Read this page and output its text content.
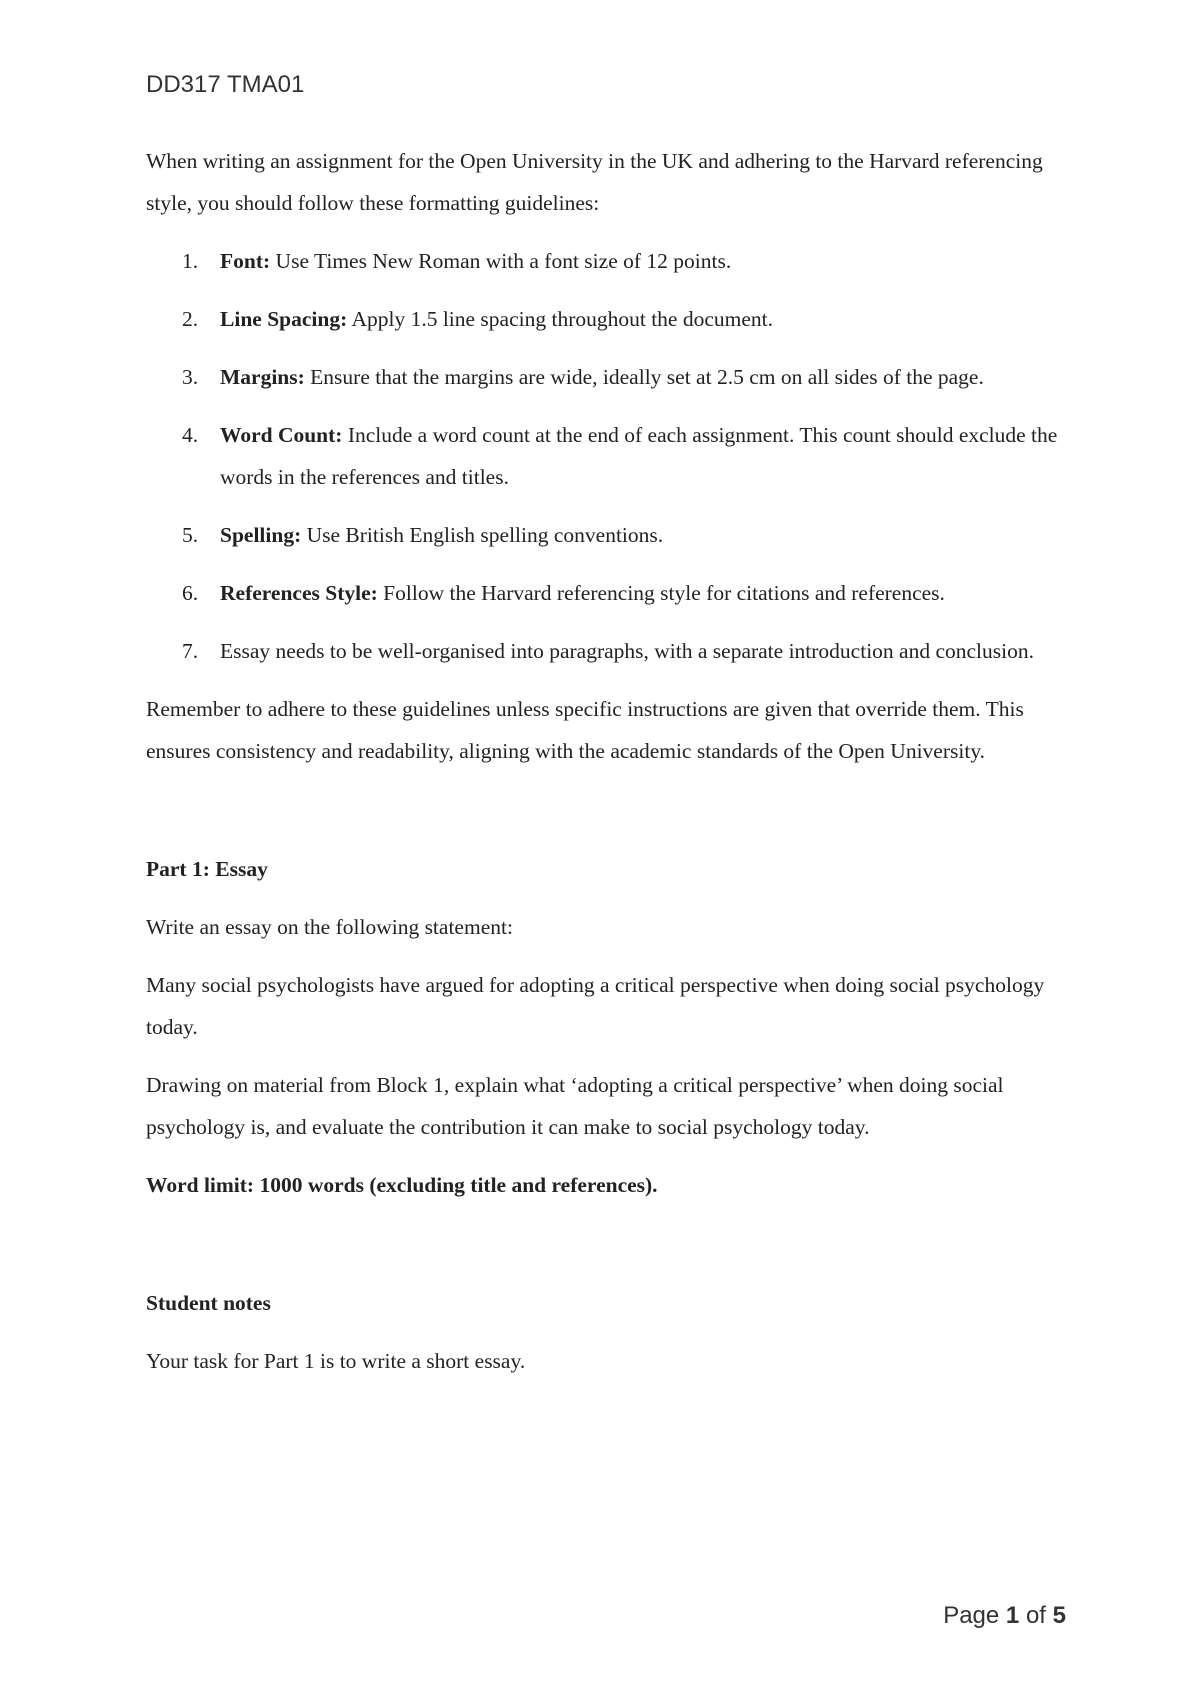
DD317 TMA01

When writing an assignment for the Open University in the UK and adhering to the Harvard referencing style, you should follow these formatting guidelines:

1. Font: Use Times New Roman with a font size of 12 points.
2. Line Spacing: Apply 1.5 line spacing throughout the document.
3. Margins: Ensure that the margins are wide, ideally set at 2.5 cm on all sides of the page.
4. Word Count: Include a word count at the end of each assignment. This count should exclude the words in the references and titles.
5. Spelling: Use British English spelling conventions.
6. References Style: Follow the Harvard referencing style for citations and references.
7. Essay needs to be well-organised into paragraphs, with a separate introduction and conclusion.

Remember to adhere to these guidelines unless specific instructions are given that override them. This ensures consistency and readability, aligning with the academic standards of the Open University.

Part 1: Essay

Write an essay on the following statement:

Many social psychologists have argued for adopting a critical perspective when doing social psychology today.

Drawing on material from Block 1, explain what ‘adopting a critical perspective’ when doing social psychology is, and evaluate the contribution it can make to social psychology today.

Word limit: 1000 words (excluding title and references).

Student notes

Your task for Part 1 is to write a short essay.

Page 1 of 5
